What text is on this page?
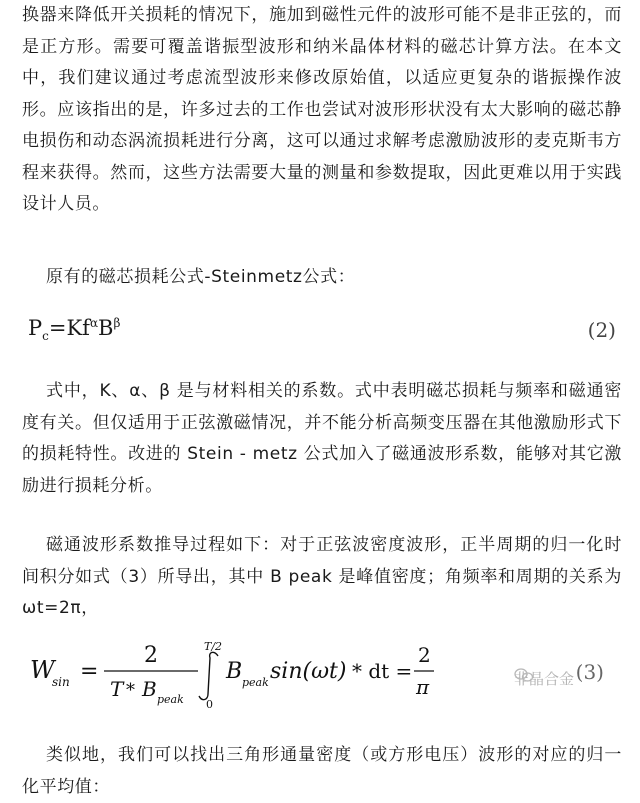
换器来降低开关损耗的情况下，施加到磁性元件的波形可能不是非正弦的，而是正方形。需要可覆盖谐振型波形和纳米晶体材料的磁芯计算方法。在本文中，我们建议通过考虑流型波形来修改原始值，以适应更复杂的谐振操作波形。应该指出的是，许多过去的工作也尝试对波形形状没有太大影响的磁芯静电损伤和动态涡流损耗进行分离，这可以通过求解考虑激励波形的麦克斯韦方程来获得。然而，这些方法需要大量的测量和参数提取，因此更难以用于实践设计人员。

原有的磁芯损耗公式-Steinmetz公式：

$P_c=Kf^\alpha B^\beta$	(2)

式中，K、α、β 是与材料相关的系数。式中表明磁芯损耗与频率和磁通密度有关。但仅适用于正弦激磁情况，并不能分析高频变压器在其他激励形式下的损耗特性。改进的 Stein - metz 公式加入了磁通波形系数，能够对其它激励进行损耗分析。

磁通波形系数推导过程如下：对于正弦波密度波形，正半周期的归一化时间积分如式（3）所导出，其中 B peak 是峰值密度；角频率和周期的关系为 ωt=2π，

W
sin =
2
T * B peak
T/2
0
B peak sin(ωt) * dt =
2
π	非晶合金 (3)

类似地，我们可以找出三角形通量密度（或方形电压）波形的对应的归一化平均值：
